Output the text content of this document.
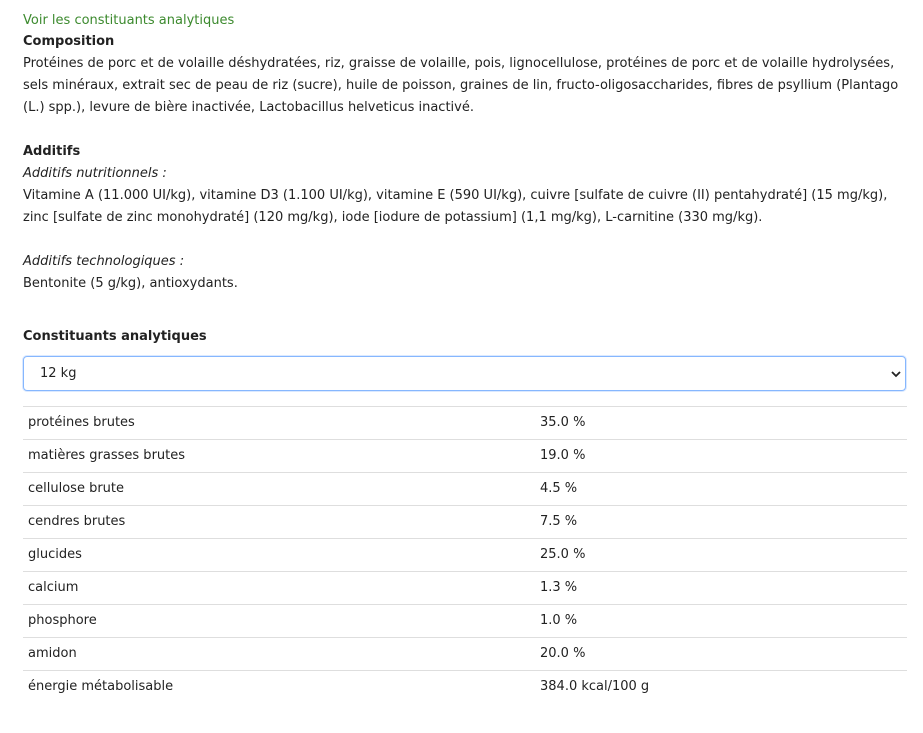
Voir les constituants analytiques
Composition

Protéines de porc et de volaille déshydratées, riz, graisse de volaille, pois, lignocellulose, protéines de porc et de volaille hydrolysées, sels minéraux, extrait sec de peau de riz (sucre), huile de poisson, graines de lin, fructo-oligosaccharides, fibres de psyllium (Plantago (L.) spp.), levure de bière inactivée, Lactobacillus helveticus inactivé.

Additifs

Additifs nutritionnels :

Vitamine A (11.000 UI/kg), vitamine D3 (1.100 UI/kg), vitamine E (590 UI/kg), cuivre [sulfate de cuivre (II) pentahydraté] (15 mg/kg), zinc [sulfate de zinc monohydraté] (120 mg/kg), iode [iodure de potassium] (1,1 mg/kg), L-carnitine (330 mg/kg).

Additifs technologiques :

Bentonite (5 g/kg), antioxydants.

Constituants analytiques
12 kg
protéines brutes	35.0 %
matières grasses brutes	19.0 %
cellulose brute	4.5 %
cendres brutes	7.5 %
glucides	25.0 %
calcium	1.3 %
phosphore	1.0 %
amidon	20.0 %
énergie métabolisable	384.0 kcal/100 g
